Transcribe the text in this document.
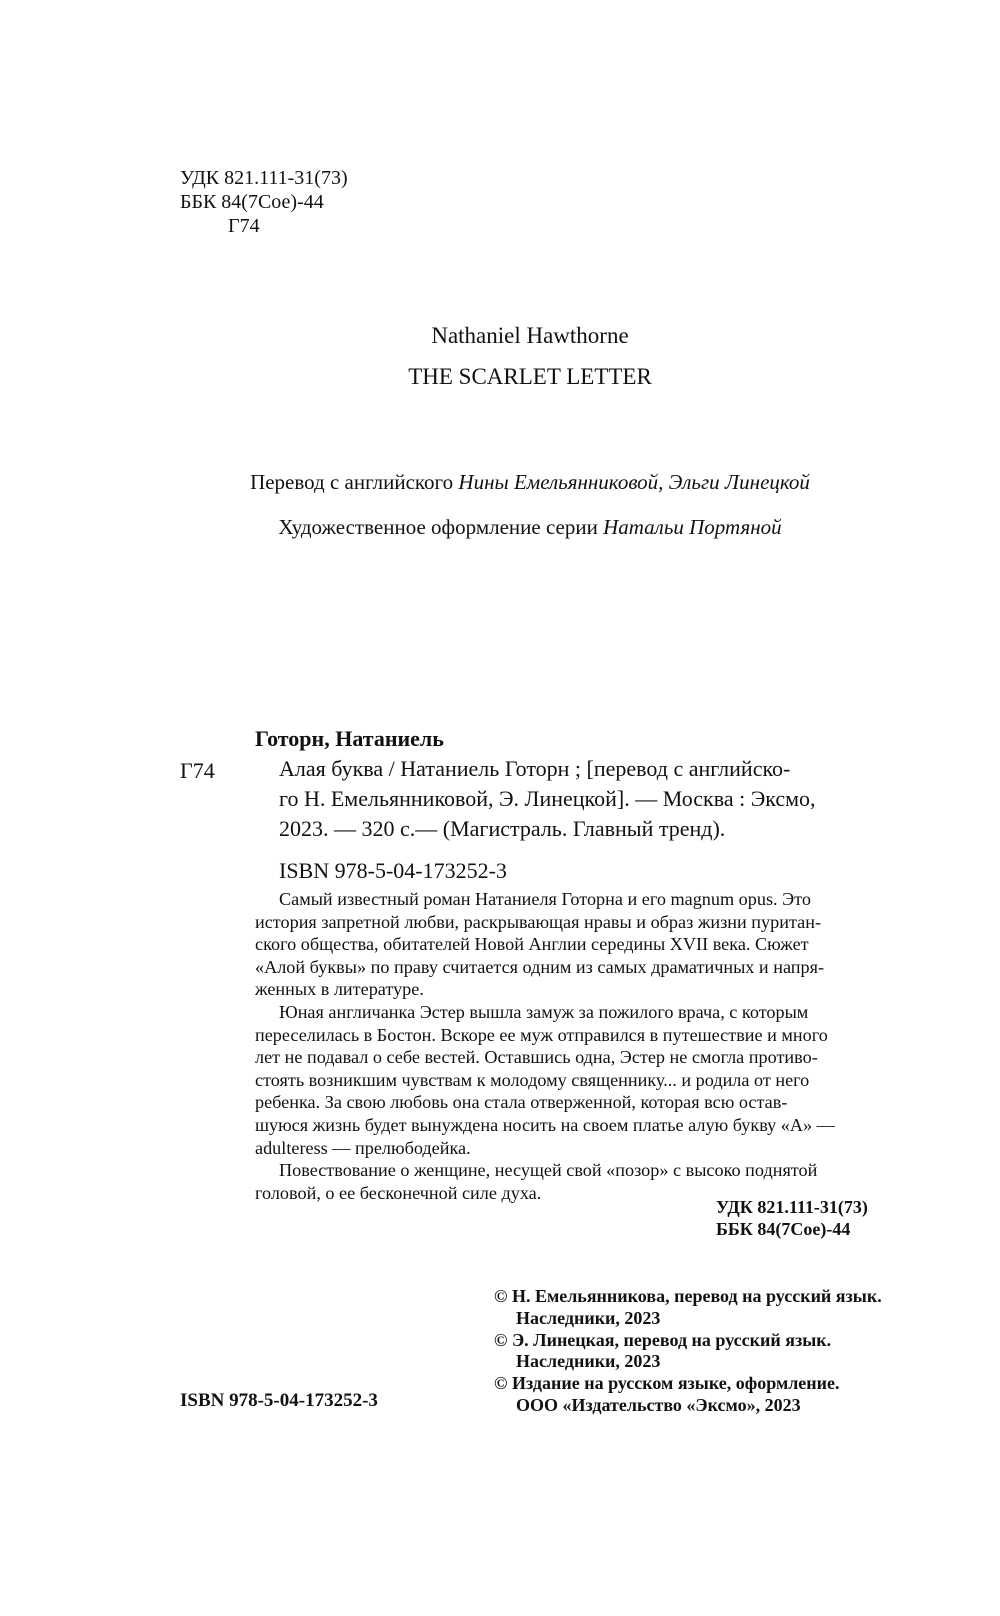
УДК 821.111-31(73)
ББК 84(7Сое)-44
Г74
Nathaniel Hawthorne
THE SCARLET LETTER
Перевод с английского Нины Емельянниковой, Эльги Линецкой
Художественное оформление серии Натальи Портяной
Г74
Готорн, Натаниель
Алая буква / Натаниель Готорн ; [перевод с английско-
го Н. Емельянниковой, Э. Линецкой]. — Москва : Эксмо,
2023. — 320 с.— (Магистраль. Главный тренд).
ISBN 978-5-04-173252-3
Самый известный роман Натаниеля Готорна и его magnum opus. Это
история запретной любви, раскрывающая нравы и образ жизни пуритан-
ского общества, обитателей Новой Англии середины XVII века. Сюжет
«Алой буквы» по праву считается одним из самых драматичных и напря-
женных в литературе.
Юная англичанка Эстер вышла замуж за пожилого врача, с которым
переселилась в Бостон. Вскоре ее муж отправился в путешествие и много
лет не подавал о себе вестей. Оставшись одна, Эстер не смогла противо-
стоять возникшим чувствам к молодому священнику... и родила от него
ребенка. За свою любовь она стала отверженной, которая всю остав-
шуюся жизнь будет вынуждена носить на своем платье алую букву «А» —
adulteress — прелюбодейка.
Повествование о женщине, несущей свой «позор» с высоко поднятой
головой, о ее бесконечной силе духа.
УДК 821.111-31(73)
ББК 84(7Сое)-44
© Н. Емельянникова, перевод на русский язык.
Наследники, 2023
© Э. Линецкая, перевод на русский язык.
Наследники, 2023
© Издание на русском языке, оформление.
ООО «Издательство «Эксмо», 2023
ISBN 978-5-04-173252-3
